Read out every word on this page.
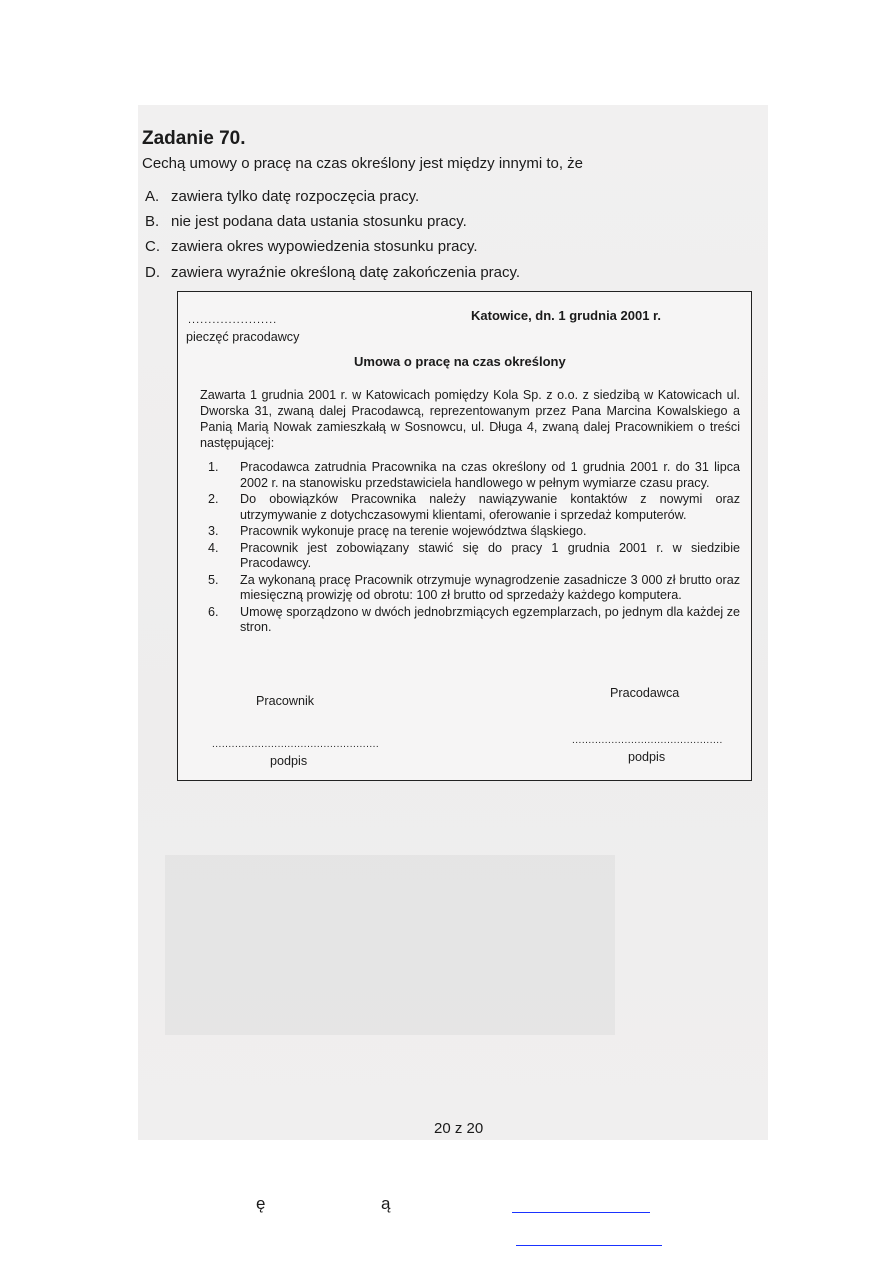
Zadanie 70.
Cechą umowy o pracę na czas określony jest między innymi to, że
A. zawiera tylko datę rozpoczęcia pracy.
B. nie jest podana data ustania stosunku pracy.
C. zawiera okres wypowiedzenia stosunku pracy.
D. zawiera wyraźnie określoną datę zakończenia pracy.
......................
pieczęć pracodawcy
Katowice, dn. 1 grudnia 2001 r.
Umowa o pracę na czas określony
Zawarta 1 grudnia 2001 r. w Katowicach pomiędzy Kola Sp. z o.o. z siedzibą w Katowicach ul. Dworska 31, zwaną dalej Pracodawcą, reprezentowanym przez Pana Marcina Kowalskiego a Panią Marią Nowak zamieszkałą w Sosnowcu, ul. Długa 4, zwaną dalej Pracownikiem o treści następującej:
1. Pracodawca zatrudnia Pracownika na czas określony od 1 grudnia 2001 r. do 31 lipca 2002 r. na stanowisku przedstawiciela handlowego w pełnym wymiarze czasu pracy.
2. Do obowiązków Pracownika należy nawiązywanie kontaktów z nowymi oraz utrzymywanie z dotychczasowymi klientami, oferowanie i sprzedaż komputerów.
3. Pracownik wykonuje pracę na terenie województwa śląskiego.
4. Pracownik jest zobowiązany stawić się do pracy 1 grudnia 2001 r. w siedzibie Pracodawcy.
5. Za wykonaną pracę Pracownik otrzymuje wynagrodzenie zasadnicze 3 000 zł brutto oraz miesięczną prowizję od obrotu: 100 zł brutto od sprzedaży każdego komputera.
6. Umowę sporządzono w dwóch jednobrzmiących egzemplarzach, po jednym dla każdej ze stron.
Pracownik
Pracodawca
...................................................	..............................................
podpis	podpis
20 z 20
ę	ą
